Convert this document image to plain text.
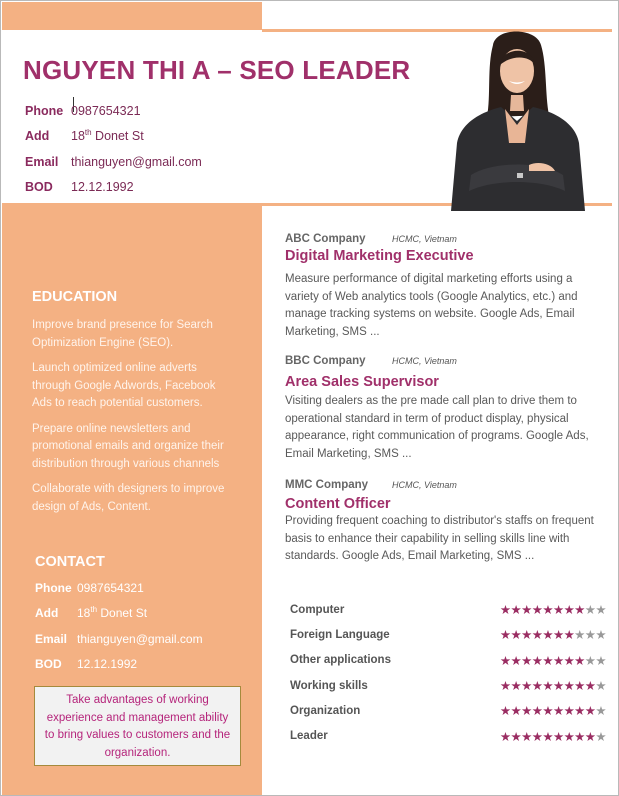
NGUYEN THI A – SEO LEADER
Phone 0987654321
Add	18th Donet St
Email	thianguyen@gmail.com
BOD	12.12.1992
EDUCATION

Improve brand presence for Search Optimization Engine (SEO).

Launch optimized online adverts through Google Adwords, Facebook Ads to reach potential customers.

Prepare online newsletters and promotional emails and organize their distribution through various channels

Collaborate with designers to improve design of Ads, Content.

CONTACT
Phone 0987654321
Add	18th Donet St
Email thianguyen@gmail.com
BOD	12.12.1992
Take advantages of working experience and management ability to bring values to customers and the organization.
ABC Company	HCMC, Vietnam
Digital Marketing Executive

Measure performance of digital marketing efforts using a variety of Web analytics tools (Google Analytics, etc.) and manage tracking systems on website. Google Ads, Email Marketing, SMS ...

BBC Company	HCMC, Vietnam
Area Sales Supervisor

Visiting dealers as the pre made call plan to drive them to operational standard in term of product display, physical appearance, right communication of programs. Google Ads, Email Marketing, SMS ...

MMC Company	HCMC, Vietnam
Content Officer

Providing frequent coaching to distributor's staffs on frequent basis to enhance their capability in selling skills line with standards. Google Ads, Email Marketing, SMS ...

Computer	★★★★★★★★★★
Foreign Language	★★★★★★★★★★
Other applications	★★★★★★★★★★
Working skills	★★★★★★★★★★
Organization	★★★★★★★★★★
Leader	★★★★★★★★★★
